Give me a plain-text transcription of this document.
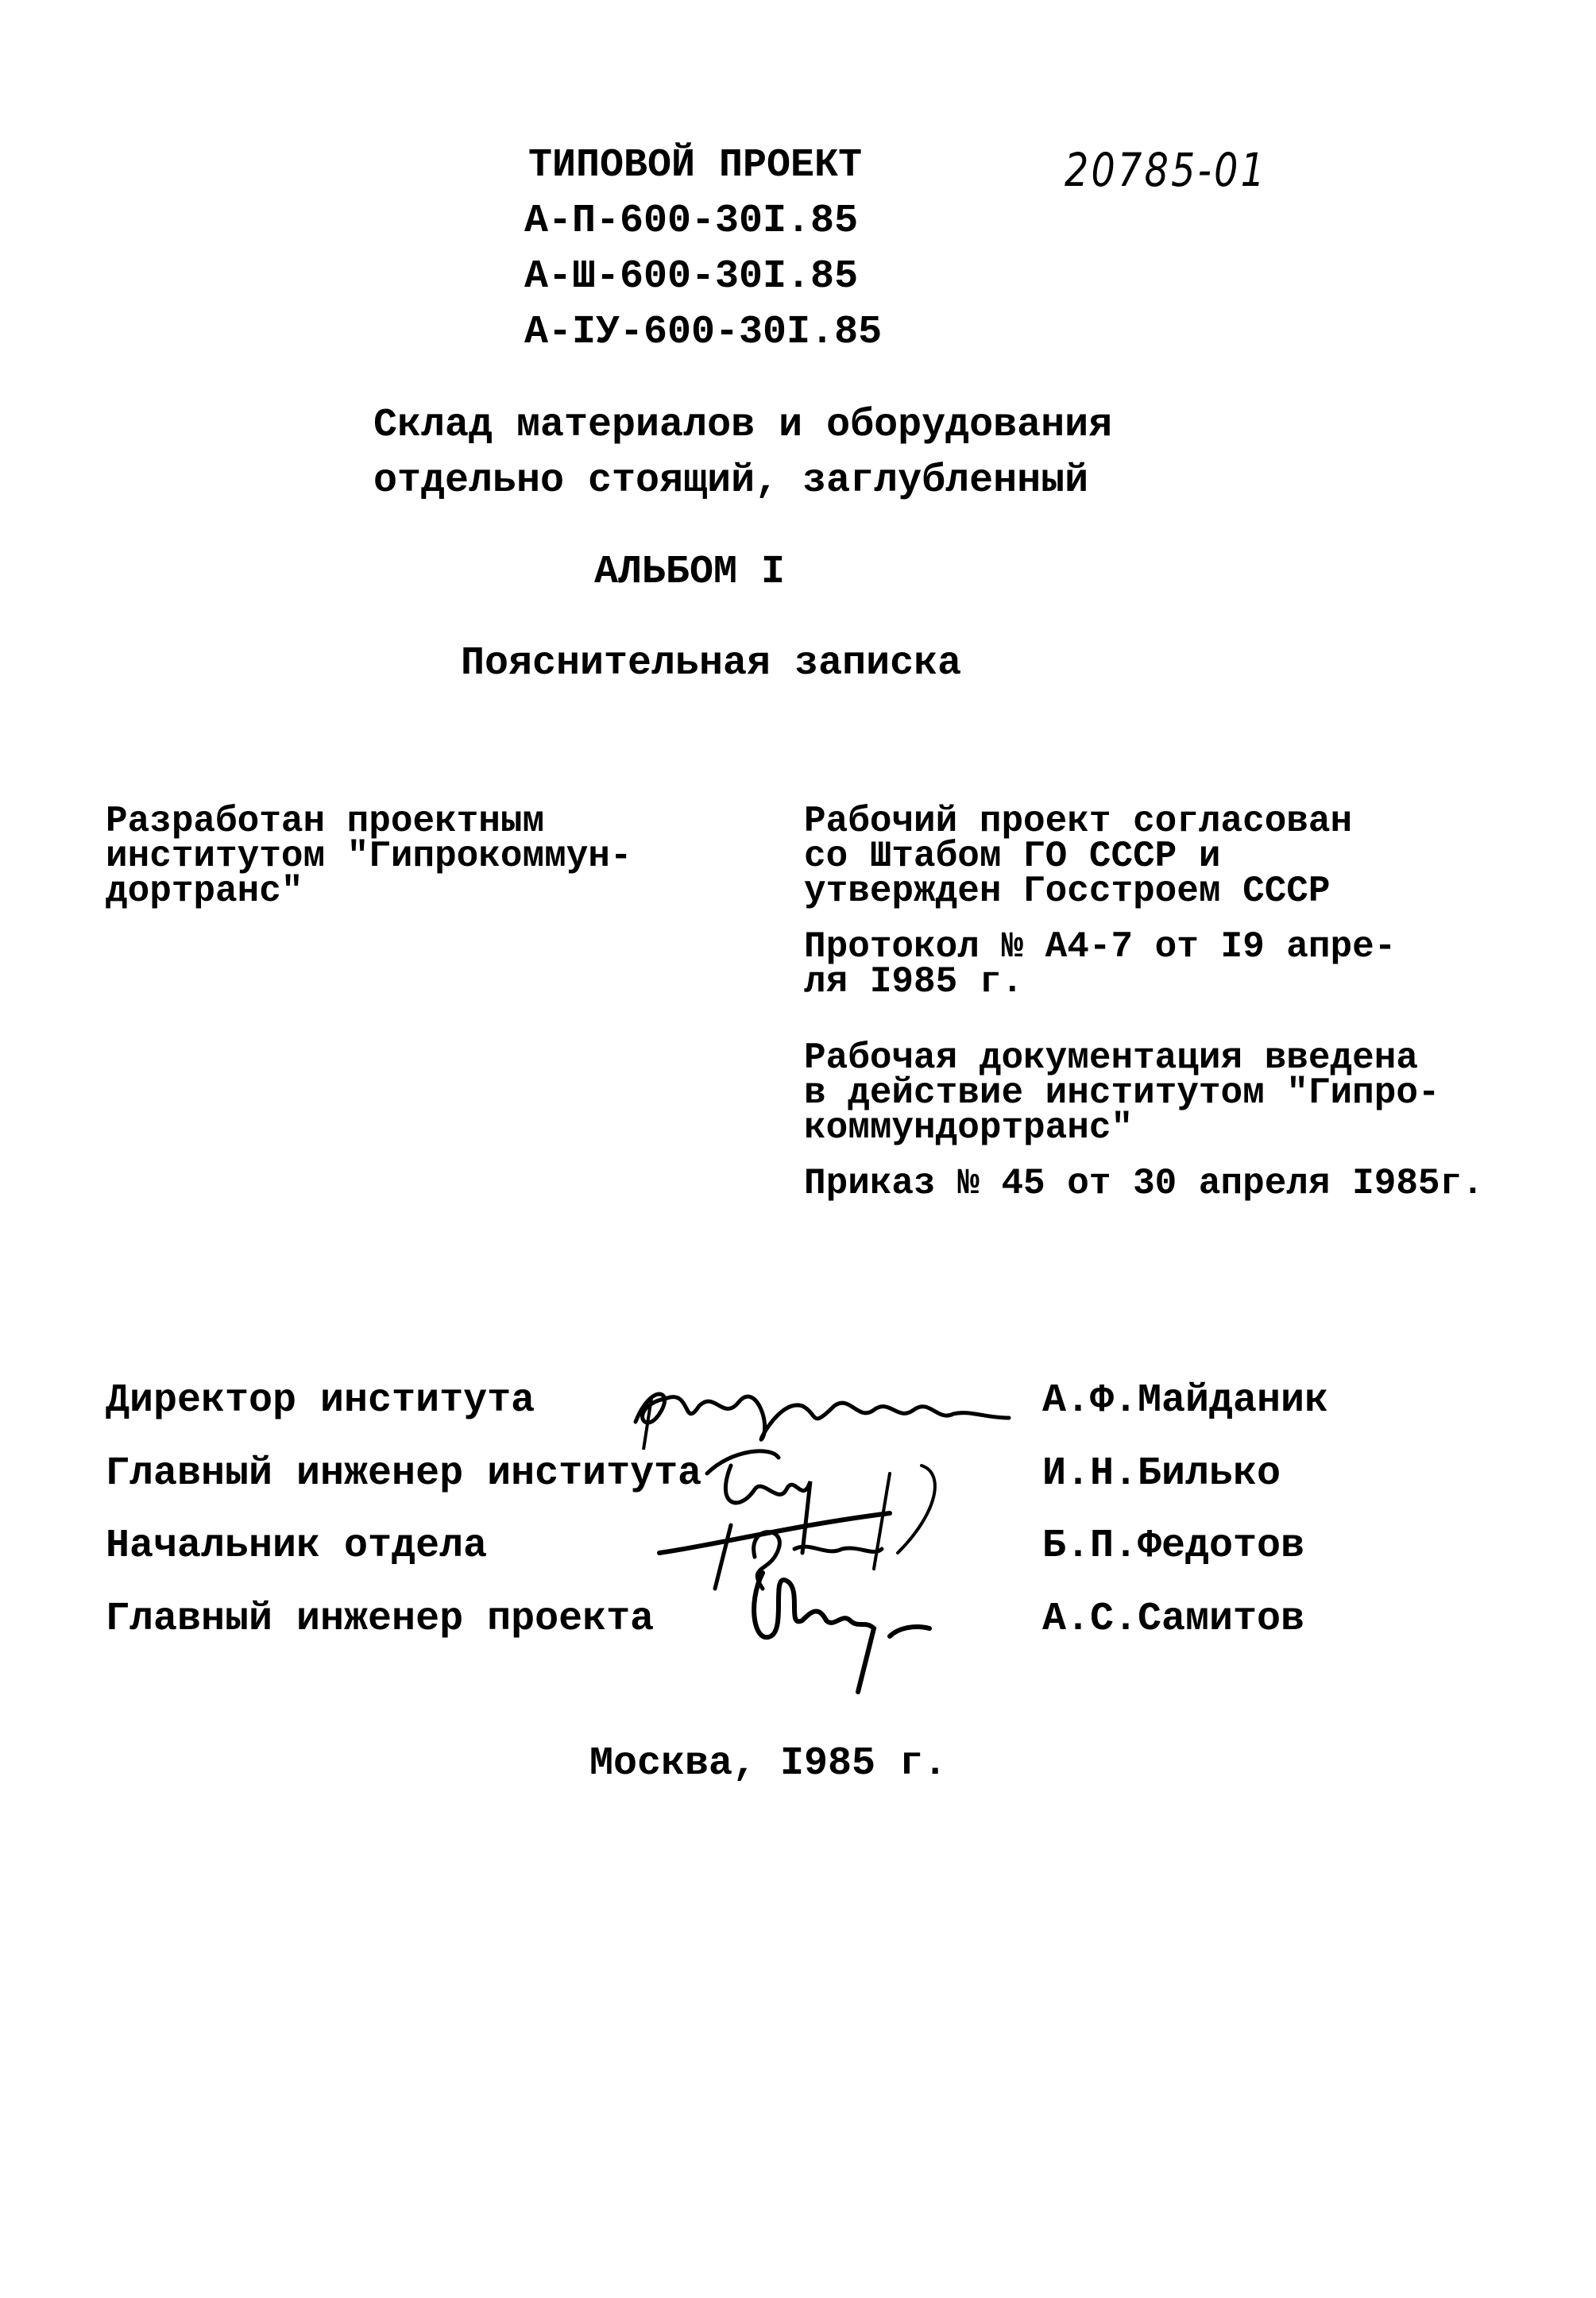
ТИПОВОЙ ПРОЕКТ
А-П-600-30I.85
А-Ш-600-30I.85
А-IУ-600-30I.85
20785-01
Склад материалов и оборудования
отдельно стоящий, заглубленный
АЛЬБОМ I
Пояснительная записка
Разработан проектным
институтом "Гипрокоммун-
дортранс"
Рабочий проект согласован
со Штабом ГО СССР и
утвержден Госстроем СССР
Протокол № А4-7 от I9 апре-
ля I985 г.
Рабочая документация введена
в действие институтом "Гипро-
коммундортранс"
Приказ № 45 от 30 апреля I985г.
Директор института	А.Ф.Майданик
Главный инженер института	И.Н.Билько
Начальник отдела	Б.П.Федотов
Главный инженер проекта	А.С.Самитов
Москва, I985 г.
